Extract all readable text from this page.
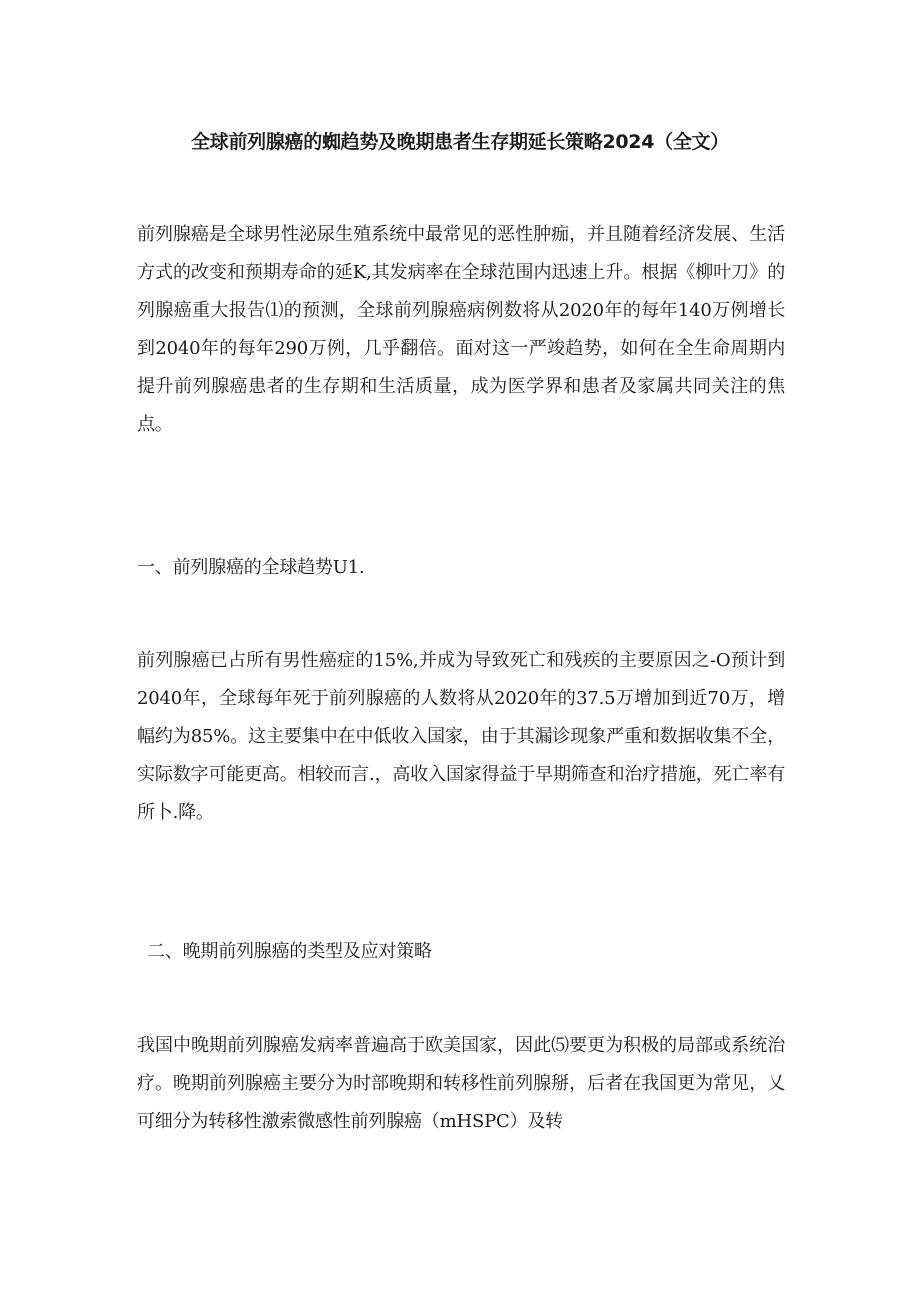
全球前列腺癌的蜘趋势及晚期患者生存期延长策略2024（全文）
前列腺癌是全球男性泌尿生殖系统中最常见的恶性肿痂，并且随着经济发展、生活方式的改变和预期寿命的延K,其发病率在全球范围内迅速上升。根据《柳叶刀》的列腺癌重大报告⑴的预测，全球前列腺癌病例数将从2020年的每年140万例增长到2040年的每年290万例，几乎翻倍。面对这一严竣趋势，如何在全生命周期内提升前列腺癌患者的生存期和生活质量，成为医学界和患者及家属共同关注的焦点。
一、前列腺癌的全球趋势U1.
前列腺癌已占所有男性癌症的15%,并成为导致死亡和残疾的主要原因之-O预计到2040年，全球每年死于前列腺癌的人数将从2020年的37.5万增加到近70万，增幅约为85%。这主要集中在中低收入国家，由于其漏诊现象严重和数据收集不全，实际数字可能更高。相较而言.，高收入国家得益于早期筛查和治疗措施，死亡率有所卜.降。
二、晚期前列腺癌的类型及应对策略
我国中晚期前列腺癌发病率普遍高于欧美国家，因此⑸要更为积极的局部或系统治疗。晚期前列腺癌主要分为时部晚期和转移性前列腺掰，后者在我国更为常见，乂可细分为转移性激索微感性前列腺癌（mHSPC）及转
